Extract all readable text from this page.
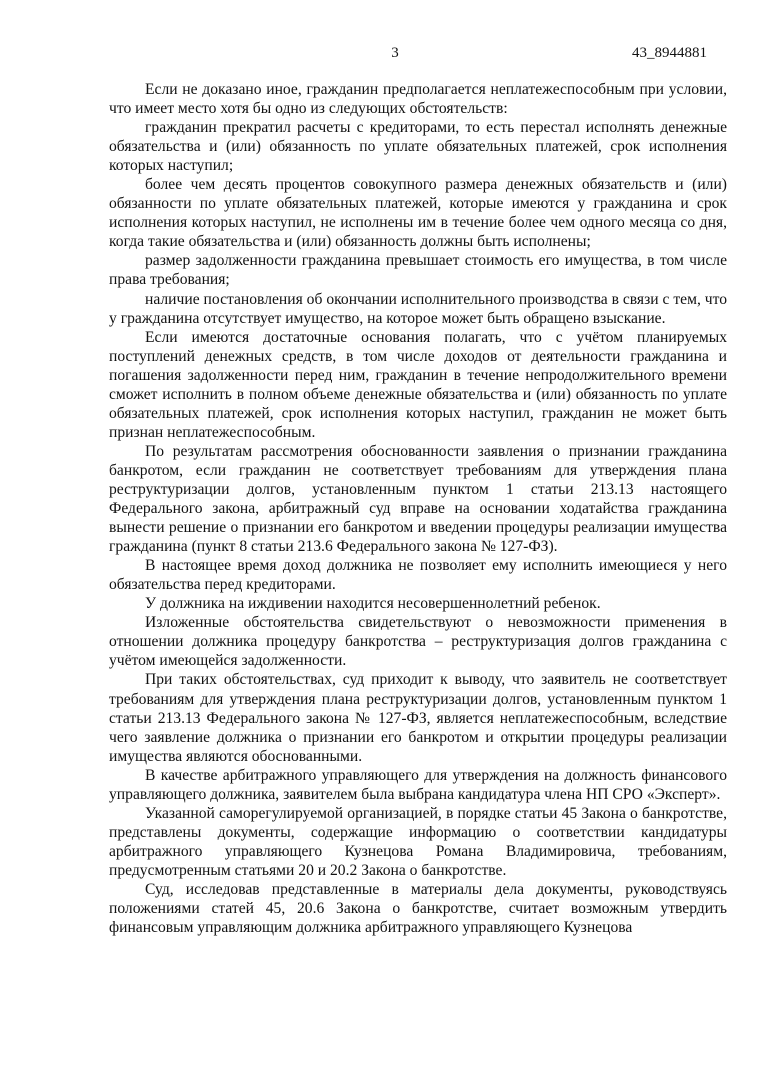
3	43_8944881

Если не доказано иное, гражданин предполагается неплатежеспособным при условии, что имеет место хотя бы одно из следующих обстоятельств:

гражданин прекратил расчеты с кредиторами, то есть перестал исполнять денежные обязательства и (или) обязанность по уплате обязательных платежей, срок исполнения которых наступил;

более чем десять процентов совокупного размера денежных обязательств и (или) обязанности по уплате обязательных платежей, которые имеются у гражданина и срок исполнения которых наступил, не исполнены им в течение более чем одного месяца со дня, когда такие обязательства и (или) обязанность должны быть исполнены;

размер задолженности гражданина превышает стоимость его имущества, в том числе права требования;

наличие постановления об окончании исполнительного производства в связи с тем, что у гражданина отсутствует имущество, на которое может быть обращено взыскание.

Если имеются достаточные основания полагать, что с учётом планируемых поступлений денежных средств, в том числе доходов от деятельности гражданина и погашения задолженности перед ним, гражданин в течение непродолжительного времени сможет исполнить в полном объеме денежные обязательства и (или) обязанность по уплате обязательных платежей, срок исполнения которых наступил, гражданин не может быть признан неплатежеспособным.

По результатам рассмотрения обоснованности заявления о признании гражданина банкротом, если гражданин не соответствует требованиям для утверждения плана реструктуризации долгов, установленным пунктом 1 статьи 213.13 настоящего Федерального закона, арбитражный суд вправе на основании ходатайства гражданина вынести решение о признании его банкротом и введении процедуры реализации имущества гражданина (пункт 8 статьи 213.6 Федерального закона № 127-ФЗ).

В настоящее время доход должника не позволяет ему исполнить имеющиеся у него обязательства перед кредиторами.

У должника на иждивении находится несовершеннолетний ребенок.

Изложенные обстоятельства свидетельствуют о невозможности применения в отношении должника процедуру банкротства – реструктуризация долгов гражданина с учётом имеющейся задолженности.

При таких обстоятельствах, суд приходит к выводу, что заявитель не соответствует требованиям для утверждения плана реструктуризации долгов, установленным пунктом 1 статьи 213.13 Федерального закона № 127-ФЗ, является неплатежеспособным, вследствие чего заявление должника о признании его банкротом и открытии процедуры реализации имущества являются обоснованными.

В качестве арбитражного управляющего для утверждения на должность финансового управляющего должника, заявителем была выбрана кандидатура члена НП СРО «Эксперт».

Указанной саморегулируемой организацией, в порядке статьи 45 Закона о банкротстве, представлены документы, содержащие информацию о соответствии кандидатуры арбитражного управляющего Кузнецова Романа Владимировича, требованиям, предусмотренным статьями 20 и 20.2 Закона о банкротстве.

Суд, исследовав представленные в материалы дела документы, руководствуясь положениями статей 45, 20.6 Закона о банкротстве, считает возможным утвердить финансовым управляющим должника арбитражного управляющего Кузнецова
